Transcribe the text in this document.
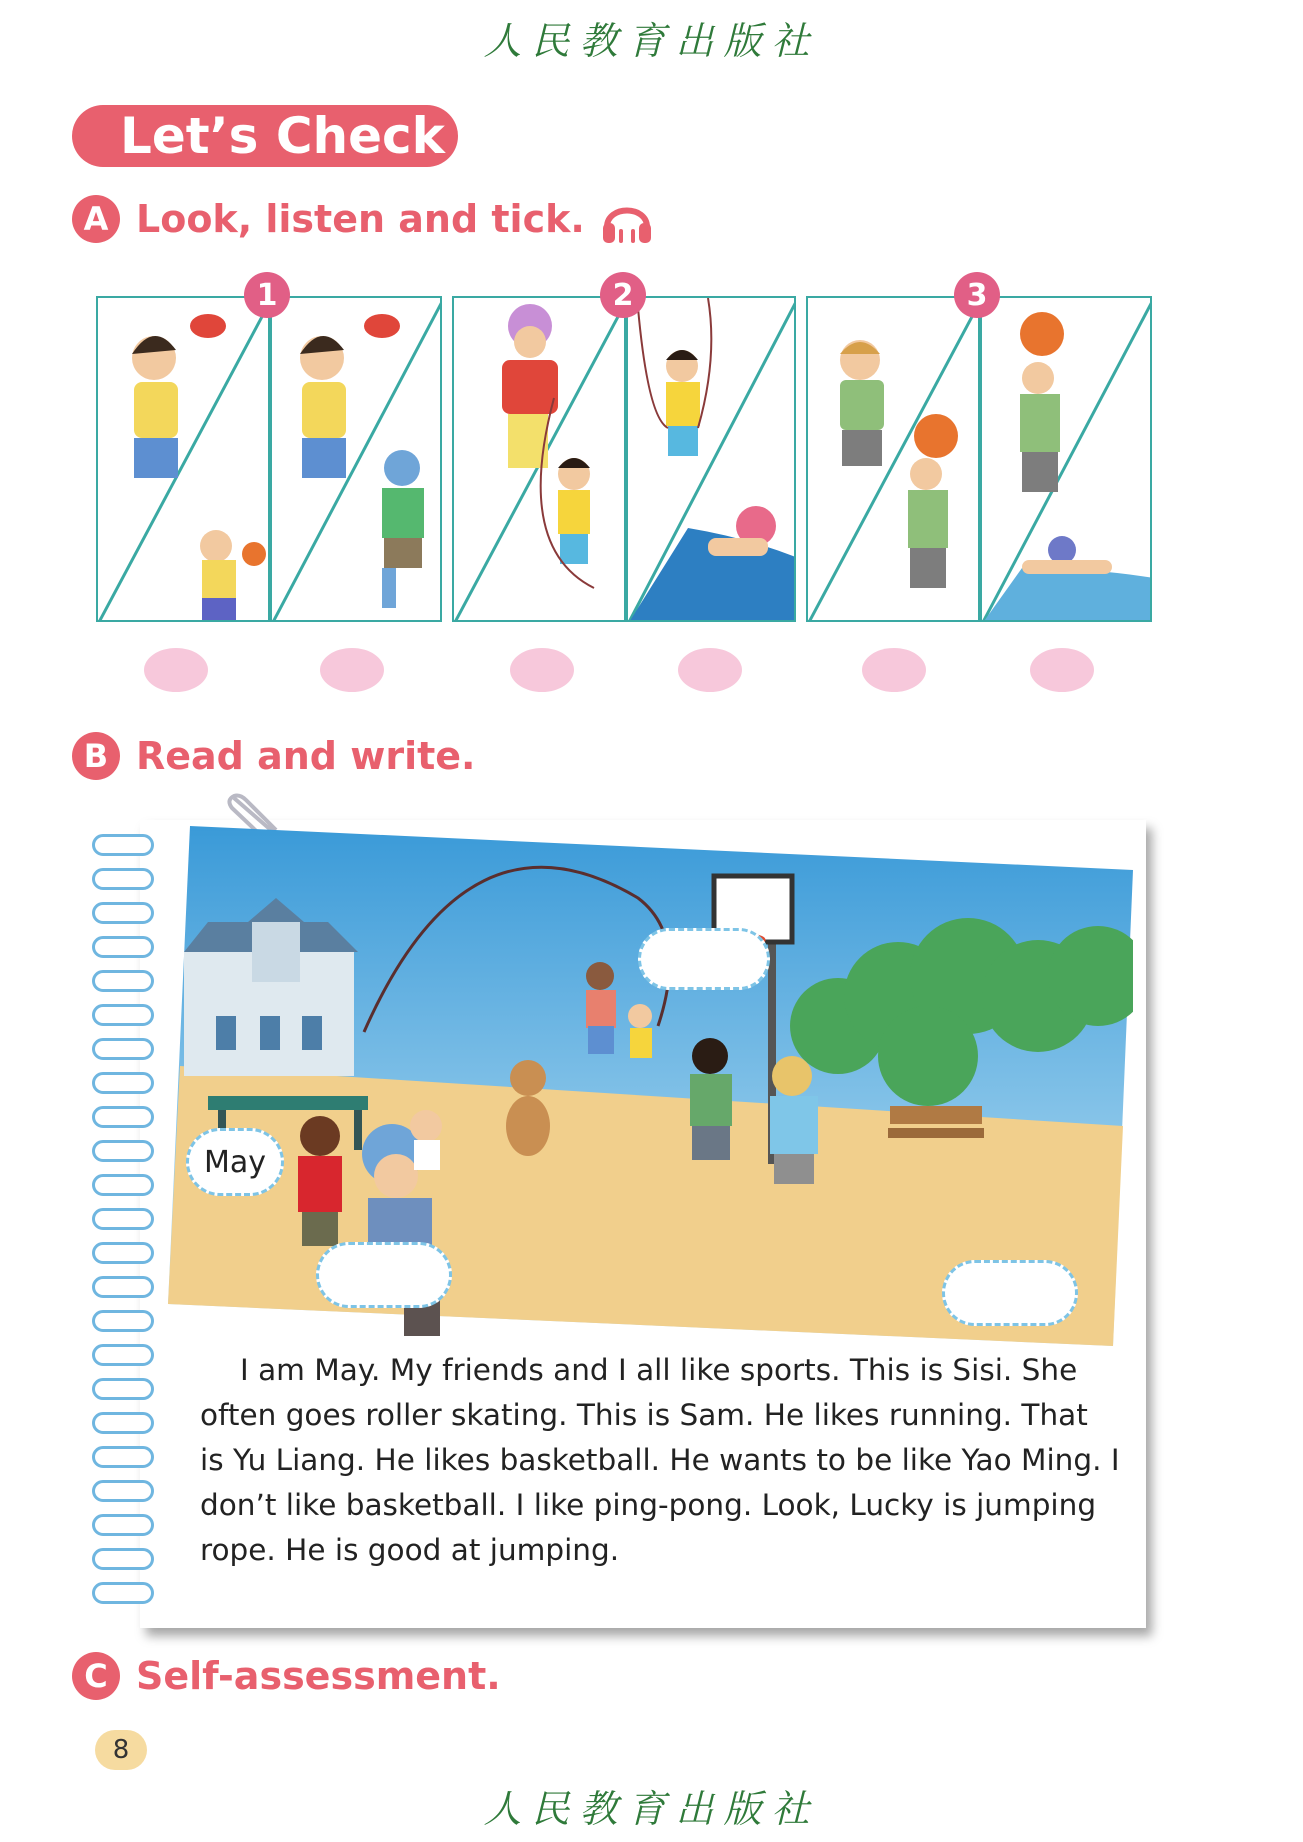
人民教育出版社
Let’s Check
A Look, listen and tick.
1	2	3
B Read and write.
May

I am May. My friends and I all like sports. This is Sisi. She often goes roller skating. This is Sam. He likes running. That is Yu Liang. He likes basketball. He wants to be like Yao Ming. I don’t like basketball. I like ping-pong. Look, Lucky is jumping rope. He is good at jumping.

C Self-assessment.
8
人民教育出版社
